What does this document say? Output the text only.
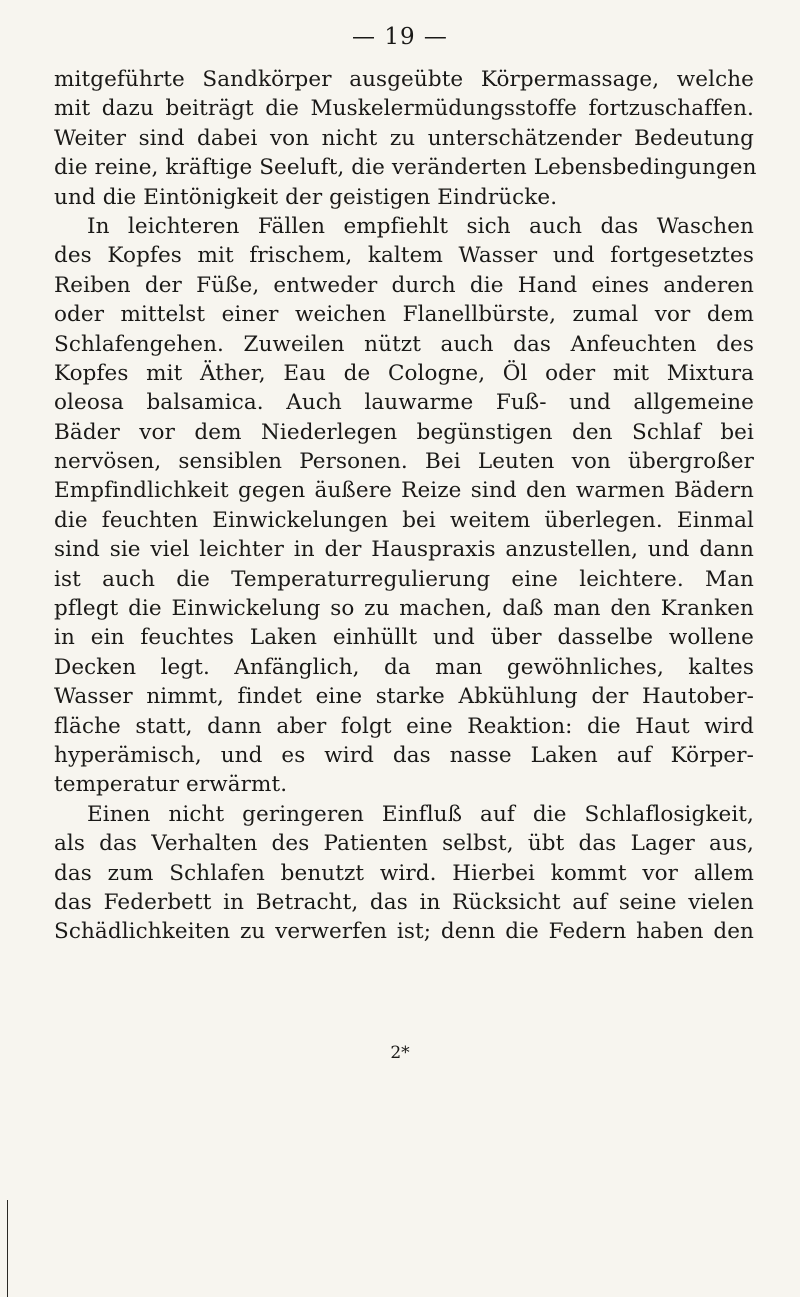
— 19 —
mitgeführte Sandkörper ausgeübte Körpermassage, welche
mit dazu beiträgt die Muskelermüdungsstoffe fortzuschaffen.
Weiter sind dabei von nicht zu unterschätzender Bedeutung
die reine, kräftige Seeluft, die veränderten Lebensbedingungen
und die Eintönigkeit der geistigen Eindrücke.
In leichteren Fällen empfiehlt sich auch das Waschen
des Kopfes mit frischem, kaltem Wasser und fortgesetztes
Reiben der Füße, entweder durch die Hand eines anderen
oder mittelst einer weichen Flanellbürste, zumal vor dem
Schlafengehen. Zuweilen nützt auch das Anfeuchten des
Kopfes mit Äther, Eau de Cologne, Öl oder mit Mixtura
oleosa balsamica. Auch lauwarme Fuß- und allgemeine
Bäder vor dem Niederlegen begünstigen den Schlaf bei
nervösen, sensiblen Personen. Bei Leuten von übergroßer
Empfindlichkeit gegen äußere Reize sind den warmen Bädern
die feuchten Einwickelungen bei weitem überlegen. Einmal
sind sie viel leichter in der Hauspraxis anzustellen, und dann
ist auch die Temperaturregulierung eine leichtere. Man
pflegt die Einwickelung so zu machen, daß man den Kranken
in ein feuchtes Laken einhüllt und über dasselbe wollene
Decken legt. Anfänglich, da man gewöhnliches, kaltes
Wasser nimmt, findet eine starke Abkühlung der Hautober-
fläche statt, dann aber folgt eine Reaktion: die Haut wird
hyperämisch, und es wird das nasse Laken auf Körper-
temperatur erwärmt.
Einen nicht geringeren Einfluß auf die Schlaflosigkeit,
als das Verhalten des Patienten selbst, übt das Lager aus,
das zum Schlafen benutzt wird. Hierbei kommt vor allem
das Federbett in Betracht, das in Rücksicht auf seine vielen
Schädlichkeiten zu verwerfen ist; denn die Federn haben den
2*
